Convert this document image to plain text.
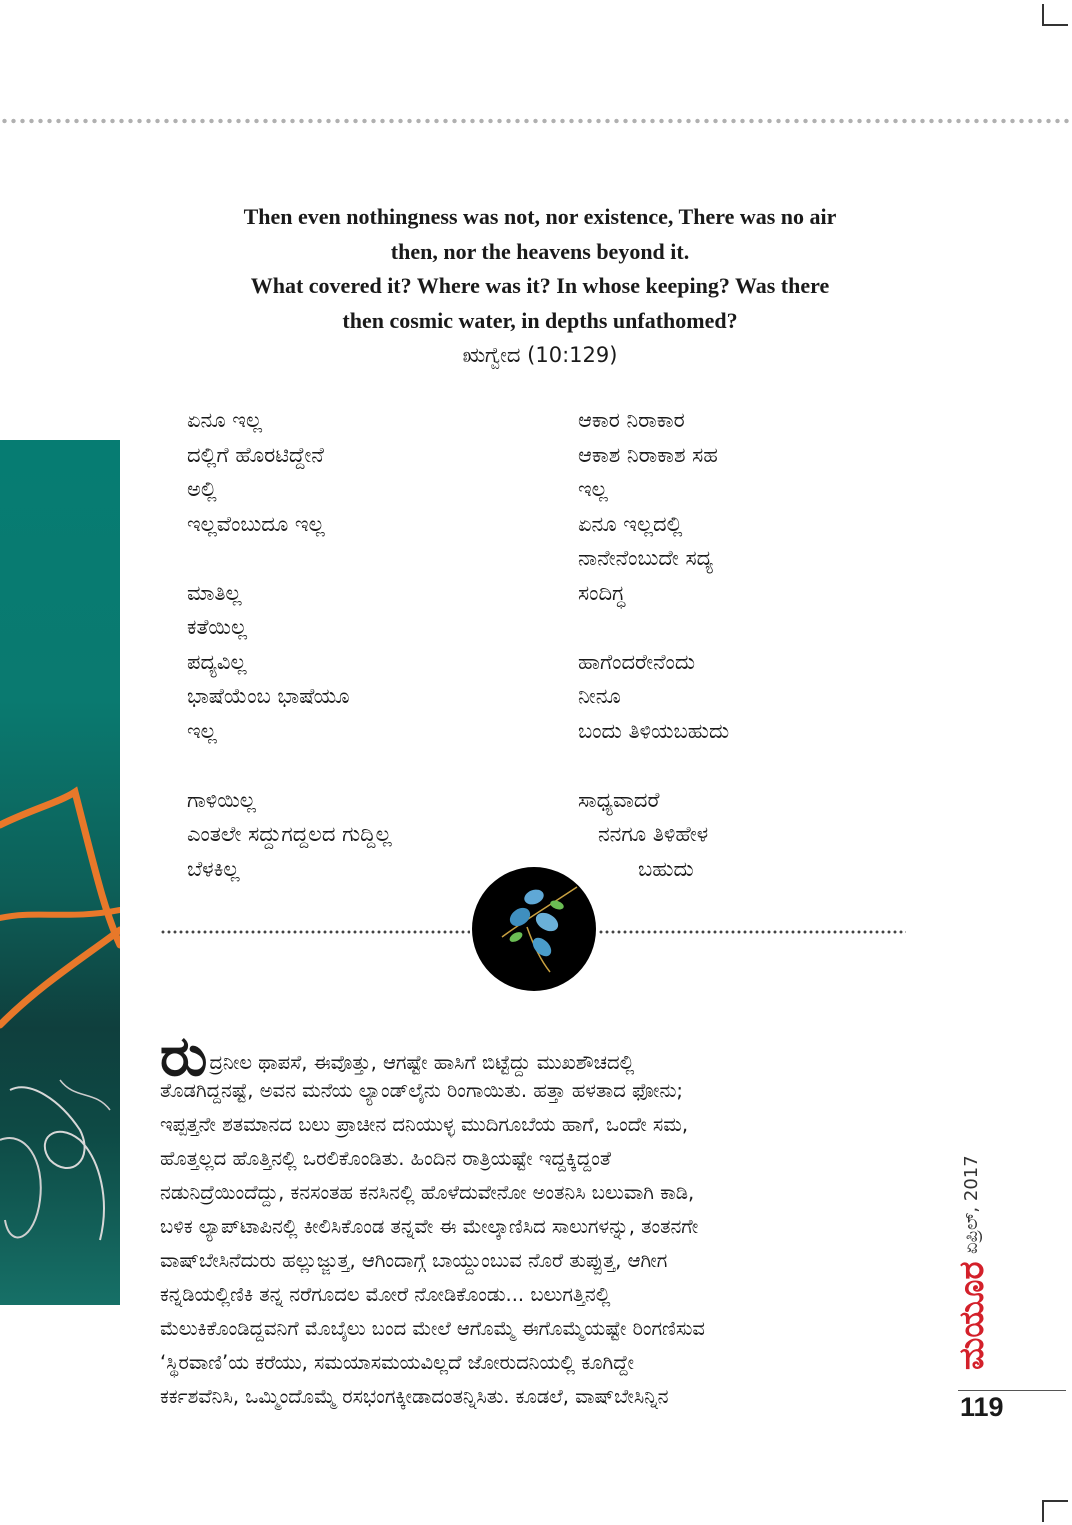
Then even nothingness was not, nor existence, There was no air
then, nor the heavens beyond it.
What covered it? Where was it? In whose keeping? Was there
then cosmic water, in depths unfathomed?
ಋಗ್ವೇದ (10:129)
ಏನೂ ಇಲ್ಲ
ದಲ್ಲಿಗೆ ಹೊರಟಿದ್ದೇನೆ
ಅಲ್ಲಿ
ಇಲ್ಲವೆಂಬುದೂ ಇಲ್ಲ
ಮಾತಿಲ್ಲ
ಕತೆಯಿಲ್ಲ
ಪದ್ಯವಿಲ್ಲ
ಭಾಷೆಯೆಂಬ ಭಾಷೆಯೂ
ಇಲ್ಲ
ಗಾಳಿಯಿಲ್ಲ
ಎಂತಲೇ ಸದ್ದುಗದ್ದಲದ ಗುದ್ದಿಲ್ಲ
ಬೆಳಕಿಲ್ಲ
ಆಕಾರ ನಿರಾಕಾರ
ಆಕಾಶ ನಿರಾಕಾಶ ಸಹ
ಇಲ್ಲ
ಏನೂ ಇಲ್ಲದಲ್ಲಿ
ನಾನೇನೆಂಬುದೇ ಸದ್ಯ
ಸಂದಿಗ್ಧ
ಹಾಗೆಂದರೇನೆಂದು
ನೀನೂ
ಬಂದು ತಿಳಿಯಬಹುದು
ಸಾಧ್ಯವಾದರೆ
ನನಗೂ ತಿಳಿಹೇಳ
ಬಹುದು
ರುದ್ರನೀಲ ಥಾಪಸೆ, ಈವೊತ್ತು, ಆಗಷ್ಟೇ ಹಾಸಿಗೆ ಬಿಟ್ಟೆದ್ದು ಮುಖಶೌಚದಲ್ಲಿ
ತೊಡಗಿದ್ದನಷ್ಟೆ, ಅವನ ಮನೆಯ ಲ್ಯಾಂಡ್‌ಲೈನು ರಿಂಗಾಯಿತು. ಹತ್ತಾ ಹಳತಾದ ಫೋನು;
ಇಪ್ಪತ್ತನೇ ಶತಮಾನದ ಬಲು ಪ್ರಾಚೀನ ದನಿಯುಳ್ಳ ಮುದಿಗೂಬೆಯ ಹಾಗೆ, ಒಂದೇ ಸಮ,
ಹೊತ್ತಲ್ಲದ ಹೊತ್ತಿನಲ್ಲಿ ಒರಲಿಕೊಂಡಿತು. ಹಿಂದಿನ ರಾತ್ರಿಯಷ್ಟೇ ಇದ್ದಕ್ಕಿದ್ದಂತೆ
ನಡುನಿದ್ರೆಯಿಂದೆದ್ದು, ಕನಸಂತಹ ಕನಸಿನಲ್ಲಿ ಹೊಳೆದುವೇನೋ ಅಂತನಿಸಿ ಬಲುವಾಗಿ ಕಾಡಿ,
ಬಳಿಕ ಲ್ಯಾಪ್‌ಟಾಪಿನಲ್ಲಿ ಕೀಲಿಸಿಕೊಂಡ ತನ್ನವೇ ಈ ಮೇಲ್ಕಾಣಿಸಿದ ಸಾಲುಗಳನ್ನು, ತಂತನಗೇ
ವಾಷ್‌ಬೇಸಿನೆದುರು ಹಲ್ಲುಜ್ಜುತ್ತ, ಆಗಿಂದಾಗ್ಗೆ ಬಾಯ್ದುಂಬುವ ನೊರೆ ತುಪ್ಪುತ್ತ, ಆಗೀಗ
ಕನ್ನಡಿಯಲ್ಲಿಣಿಕಿ ತನ್ನ ನರೆಗೂದಲ ಮೋರೆ ನೋಡಿಕೊಂಡು... ಬಲುಗತ್ತಿನಲ್ಲಿ
ಮೆಲುಕಿಕೊಂಡಿದ್ದವನಿಗೆ ಮೊಬೈಲು ಬಂದ ಮೇಲೆ ಆಗೊಮ್ಮೆ ಈಗೊಮ್ಮೆಯಷ್ಟೇ ರಿಂಗಣಿಸುವ
‘ಸ್ಥಿರವಾಣಿ’ಯ ಕರೆಯು, ಸಮಯಾಸಮಯವಿಲ್ಲದೆ ಜೋರುದನಿಯಲ್ಲಿ ಕೂಗಿದ್ದೇ
ಕರ್ಕಶವೆನಿಸಿ, ಒಮ್ಮಿಂದೊಮ್ಮೆ ರಸಭಂಗಕ್ಕೀಡಾದಂತನ್ನಿಸಿತು. ಕೂಡಲೆ, ವಾಷ್‌ಬೇಸಿನ್ನಿನ
ಏಪ್ರಿಲ್, 2017
ಮಯೂರ
119
